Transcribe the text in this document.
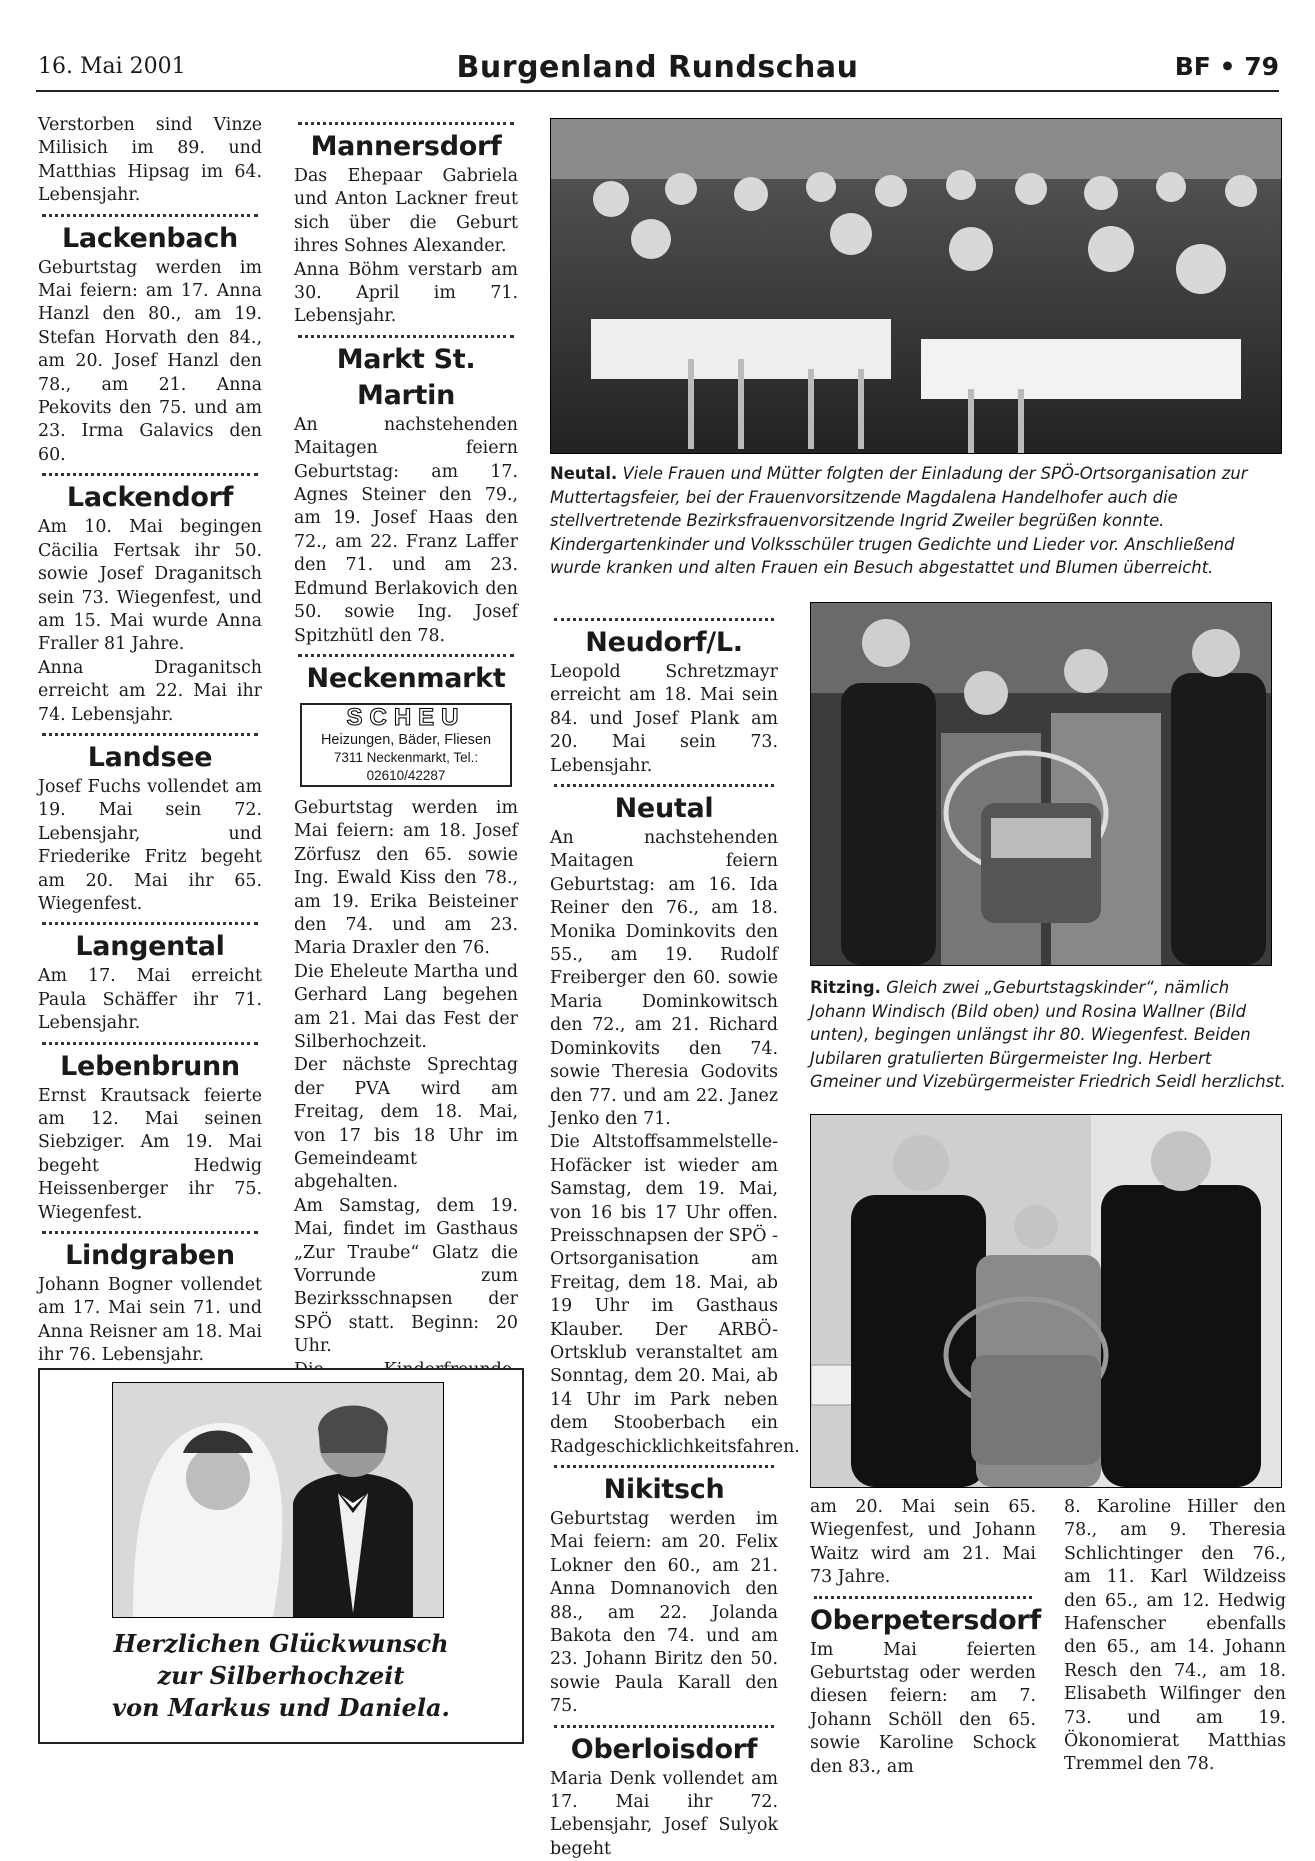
16. Mai 2001	Burgenland Rundschau	BF • 79

Verstorben sind Vinze Milisich im 89. und Matthias Hipsag im 64. Lebensjahr.

Lackenbach

Geburtstag werden im Mai feiern: am 17. Anna Hanzl den 80., am 19. Stefan Horvath den 84., am 20. Josef Hanzl den 78., am 21. Anna Pekovits den 75. und am 23. Irma Galavics den 60.

Lackendorf

Am 10. Mai begingen Cäcilia Fertsak ihr 50. sowie Josef Draganitsch sein 73. Wiegenfest, und am 15. Mai wurde Anna Fraller 81 Jahre.

Anna Draganitsch erreicht am 22. Mai ihr 74. Lebensjahr.

Landsee

Josef Fuchs vollendet am 19. Mai sein 72. Lebensjahr, und Friederike Fritz begeht am 20. Mai ihr 65. Wiegenfest.

Langental

Am 17. Mai erreicht Paula Schäffer ihr 71. Lebensjahr.

Lebenbrunn

Ernst Krautsack feierte am 12. Mai seinen Siebziger. Am 19. Mai begeht Hedwig Heissenberger ihr 75. Wiegenfest.

Lindgraben

Johann Bogner vollendet am 17. Mai sein 71. und Anna Reisner am 18. Mai ihr 76. Lebensjahr.

Mannersdorf

Das Ehepaar Gabriela und Anton Lackner freut sich über die Geburt ihres Sohnes Alexander.

Anna Böhm verstarb am 30. April im 71. Lebensjahr.

Markt St. Martin

An nachstehenden Maitagen feiern Geburtstag: am 17. Agnes Steiner den 79., am 19. Josef Haas den 72., am 22. Franz Laffer den 71. und am 23. Edmund Berlakovich den 50. sowie Ing. Josef Spitzhütl den 78.

Neckenmarkt
SCHEU
Heizungen, Bäder, Fliesen
7311 Neckenmarkt, Tel.: 02610/42287

Geburtstag werden im Mai feiern: am 18. Josef Zörfusz den 65. sowie Ing. Ewald Kiss den 78., am 19. Erika Beisteiner den 74. und am 23. Maria Draxler den 76.

Die Eheleute Martha und Gerhard Lang begehen am 21. Mai das Fest der Silberhochzeit.

Der nächste Sprechtag der PVA wird am Freitag, dem 18. Mai, von 17 bis 18 Uhr im Gemeindeamt abgehalten.

Am Samstag, dem 19. Mai, findet im Gasthaus „Zur Traube“ Glatz die Vorrunde zum Bezirksschnapsen der SPÖ statt. Beginn: 20 Uhr.

Neutal. Viele Frauen und Mütter folgten der Einladung der SPÖ-Ortsorganisation zur Muttertagsfeier, bei der Frauenvorsitzende Magdalena Handelhofer auch die stellvertretende Bezirksfrauenvorsitzende Ingrid Zweiler begrüßen konnte. Kindergartenkinder und Volksschüler trugen Gedichte und Lieder vor. Anschließend wurde kranken und alten Frauen ein Besuch abgestattet und Blumen überreicht.
Neudorf/L.

Leopold Schretzmayr erreicht am 18. Mai sein 84. und Josef Plank am 20. Mai sein 73. Lebensjahr.

Neutal

An nachstehenden Maitagen feiern Geburtstag: am 16. Ida Reiner den 76., am 18. Monika Dominkovits den 55., am 19. Rudolf Freiberger den 60. sowie Maria Dominkowitsch den 72., am 21. Richard Dominkovits den 74. sowie Theresia Godovits den 77. und am 22. Janez Jenko den 71.

Die Altstoffsammelstelle-Hofäcker ist wieder am Samstag, dem 19. Mai, von 16 bis 17 Uhr offen. Preisschnapsen der SPÖ - Ortsorganisation am Freitag, dem 18. Mai, ab 19 Uhr im Gasthaus Klauber. Der ARBÖ-Ortsklub veranstaltet am Sonntag, dem 20. Mai, ab 14 Uhr im Park neben dem Stooberbach ein Radgeschicklichkeitsfahren.

Nikitsch

Geburtstag werden im Mai feiern: am 20. Felix Lokner den 60., am 21. Anna Domnanovich den 88., am 22. Jolanda Bakota den 74. und am 23. Johann Biritz den 50. sowie Paula Karall den 75.

Oberloisdorf

Maria Denk vollendet am 17. Mai ihr 72. Lebensjahr, Josef Sulyok begeht

Ritzing. Gleich zwei „Geburtstagskinder“, nämlich Johann Windisch (Bild oben) und Rosina Wallner (Bild unten), begingen unlängst ihr 80. Wiegenfest. Beiden Jubilaren gratulierten Bürgermeister Ing. Herbert Gmeiner und Vizebürgermeister Friedrich Seidl herzlichst.

am 20. Mai sein 65. Wiegenfest, und Johann Waitz wird am 21. Mai 73 Jahre.

Oberpetersdorf

Im Mai feierten Geburtstag oder werden diesen feiern: am 7. Johann Schöll den 65. sowie Karoline Schock den 83., am

8. Karoline Hiller den 78., am 9. Theresia Schlichtinger den 76., am 11. Karl Wildzeiss den 65., am 12. Hedwig Hafenscher ebenfalls den 65., am 14. Johann Resch den 74., am 18. Elisabeth Wilfinger den 73. und am 19. Ökonomierat Matthias Tremmel den 78.

Herzlichen Glückwunsch
zur Silberhochzeit
von Markus und Daniela.
